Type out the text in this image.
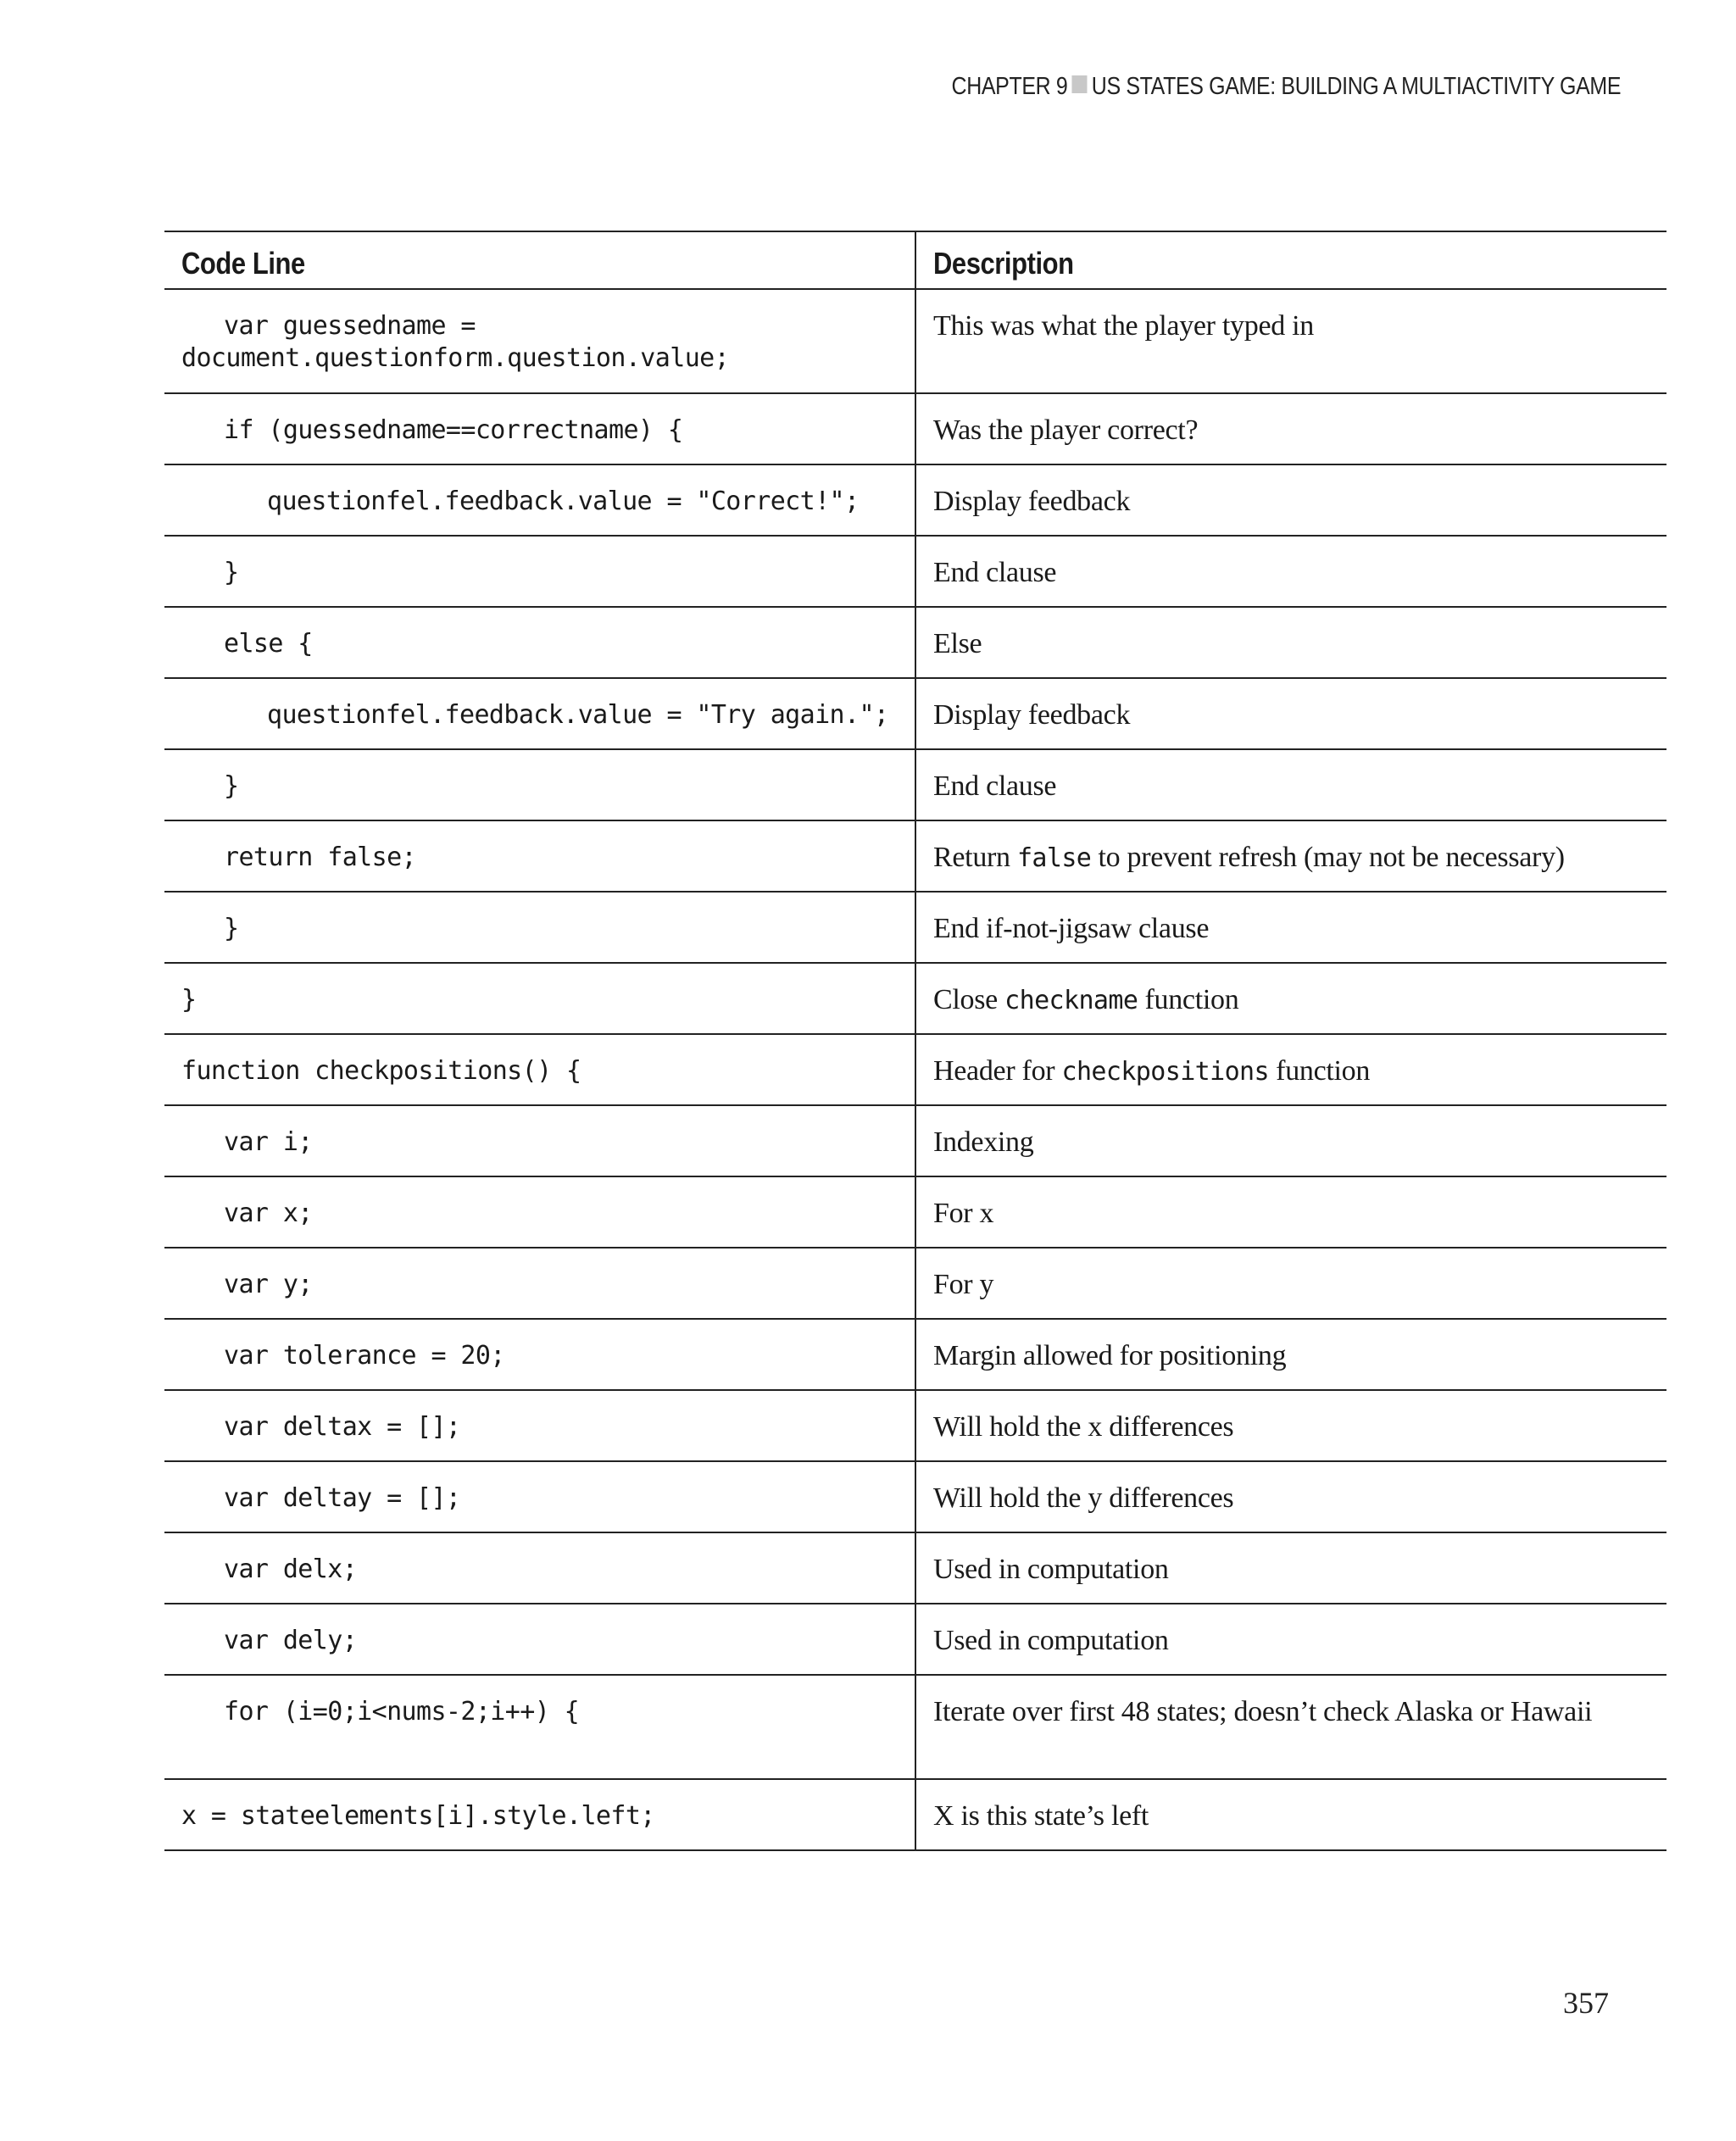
CHAPTER 9 US STATES GAME: BUILDING A MULTIACTIVITY GAME
Code Line	Description

var guessedname =
document.questionform.question.value;	This was what the player typed in

if (guessedname==correctname) {	Was the player correct?

questionfel.feedback.value = "Correct!";	Display feedback

}	End clause

else {	Else

questionfel.feedback.value = "Try again.";	Display feedback

}	End clause

return false;	Return false to prevent refresh (may not be necessary)

}	End if-not-jigsaw clause

}	Close checkname function

function checkpositions() {	Header for checkpositions function

var i;	Indexing

var x;	For x

var y;	For y

var tolerance = 20;	Margin allowed for positioning

var deltax = [];	Will hold the x differences

var deltay = [];	Will hold the y differences

var delx;	Used in computation

var dely;	Used in computation

for (i=0;i<nums-2;i++) {	Iterate over first 48 states; doesn’t check Alaska or Hawaii

x = stateelements[i].style.left;	X is this state’s left
357
